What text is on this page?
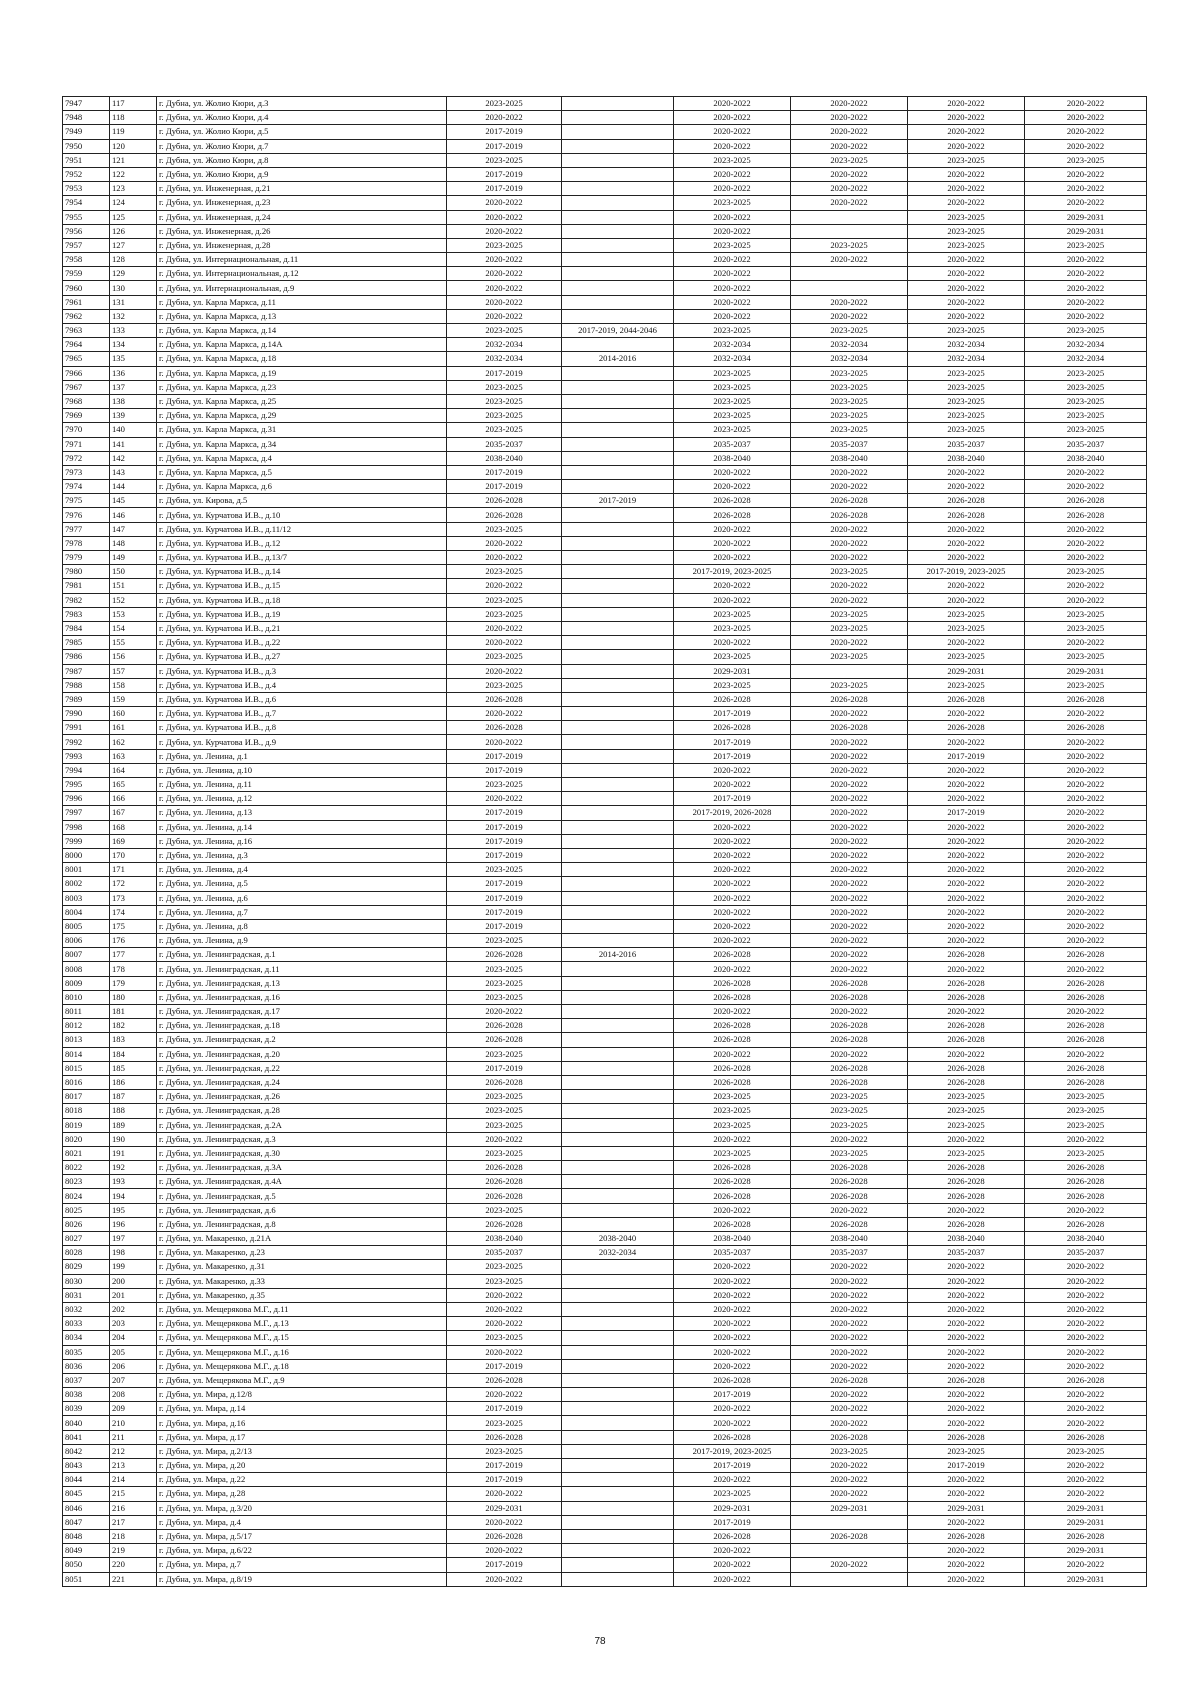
7947	117	г. Дубна, ул. Жолио Кюри, д.3	2023-2025		2020-2022	2020-2022	2020-2022	2020-2022
7948	118	г. Дубна, ул. Жолио Кюри, д.4	2020-2022		2020-2022	2020-2022	2020-2022	2020-2022
7949	119	г. Дубна, ул. Жолио Кюри, д.5	2017-2019		2020-2022	2020-2022	2020-2022	2020-2022
7950	120	г. Дубна, ул. Жолио Кюри, д.7	2017-2019		2020-2022	2020-2022	2020-2022	2020-2022
7951	121	г. Дубна, ул. Жолио Кюри, д.8	2023-2025		2023-2025	2023-2025	2023-2025	2023-2025
7952	122	г. Дубна, ул. Жолио Кюри, д.9	2017-2019		2020-2022	2020-2022	2020-2022	2020-2022
7953	123	г. Дубна, ул. Инженерная, д.21	2017-2019		2020-2022	2020-2022	2020-2022	2020-2022
7954	124	г. Дубна, ул. Инженерная, д.23	2020-2022		2023-2025	2020-2022	2020-2022	2020-2022
7955	125	г. Дубна, ул. Инженерная, д.24	2020-2022		2020-2022		2023-2025	2029-2031
7956	126	г. Дубна, ул. Инженерная, д.26	2020-2022		2020-2022		2023-2025	2029-2031
7957	127	г. Дубна, ул. Инженерная, д.28	2023-2025		2023-2025	2023-2025	2023-2025	2023-2025
7958	128	г. Дубна, ул. Интернациональная, д.11	2020-2022		2020-2022	2020-2022	2020-2022	2020-2022
7959	129	г. Дубна, ул. Интернациональная, д.12	2020-2022		2020-2022		2020-2022	2020-2022
7960	130	г. Дубна, ул. Интернациональная, д.9	2020-2022		2020-2022		2020-2022	2020-2022
7961	131	г. Дубна, ул. Карла Маркса, д.11	2020-2022		2020-2022	2020-2022	2020-2022	2020-2022
7962	132	г. Дубна, ул. Карла Маркса, д.13	2020-2022		2020-2022	2020-2022	2020-2022	2020-2022
7963	133	г. Дубна, ул. Карла Маркса, д.14	2023-2025	2017-2019, 2044-2046	2023-2025	2023-2025	2023-2025	2023-2025
7964	134	г. Дубна, ул. Карла Маркса, д.14А	2032-2034		2032-2034	2032-2034	2032-2034	2032-2034
7965	135	г. Дубна, ул. Карла Маркса, д.18	2032-2034	2014-2016	2032-2034	2032-2034	2032-2034	2032-2034
7966	136	г. Дубна, ул. Карла Маркса, д.19	2017-2019		2023-2025	2023-2025	2023-2025	2023-2025
7967	137	г. Дубна, ул. Карла Маркса, д.23	2023-2025		2023-2025	2023-2025	2023-2025	2023-2025
7968	138	г. Дубна, ул. Карла Маркса, д.25	2023-2025		2023-2025	2023-2025	2023-2025	2023-2025
7969	139	г. Дубна, ул. Карла Маркса, д.29	2023-2025		2023-2025	2023-2025	2023-2025	2023-2025
7970	140	г. Дубна, ул. Карла Маркса, д.31	2023-2025		2023-2025	2023-2025	2023-2025	2023-2025
7971	141	г. Дубна, ул. Карла Маркса, д.34	2035-2037		2035-2037	2035-2037	2035-2037	2035-2037
7972	142	г. Дубна, ул. Карла Маркса, д.4	2038-2040		2038-2040	2038-2040	2038-2040	2038-2040
7973	143	г. Дубна, ул. Карла Маркса, д.5	2017-2019		2020-2022	2020-2022	2020-2022	2020-2022
7974	144	г. Дубна, ул. Карла Маркса, д.6	2017-2019		2020-2022	2020-2022	2020-2022	2020-2022
7975	145	г. Дубна, ул. Кирова, д.5	2026-2028	2017-2019	2026-2028	2026-2028	2026-2028	2026-2028
7976	146	г. Дубна, ул. Курчатова И.В., д.10	2026-2028		2026-2028	2026-2028	2026-2028	2026-2028
7977	147	г. Дубна, ул. Курчатова И.В., д.11/12	2023-2025		2020-2022	2020-2022	2020-2022	2020-2022
7978	148	г. Дубна, ул. Курчатова И.В., д.12	2020-2022		2020-2022	2020-2022	2020-2022	2020-2022
7979	149	г. Дубна, ул. Курчатова И.В., д.13/7	2020-2022		2020-2022	2020-2022	2020-2022	2020-2022
7980	150	г. Дубна, ул. Курчатова И.В., д.14	2023-2025		2017-2019, 2023-2025	2023-2025	2017-2019, 2023-2025	2023-2025
7981	151	г. Дубна, ул. Курчатова И.В., д.15	2020-2022		2020-2022	2020-2022	2020-2022	2020-2022
7982	152	г. Дубна, ул. Курчатова И.В., д.18	2023-2025		2020-2022	2020-2022	2020-2022	2020-2022
7983	153	г. Дубна, ул. Курчатова И.В., д.19	2023-2025		2023-2025	2023-2025	2023-2025	2023-2025
7984	154	г. Дубна, ул. Курчатова И.В., д.21	2020-2022		2023-2025	2023-2025	2023-2025	2023-2025
7985	155	г. Дубна, ул. Курчатова И.В., д.22	2020-2022		2020-2022	2020-2022	2020-2022	2020-2022
7986	156	г. Дубна, ул. Курчатова И.В., д.27	2023-2025		2023-2025	2023-2025	2023-2025	2023-2025
7987	157	г. Дубна, ул. Курчатова И.В., д.3	2020-2022		2029-2031		2029-2031	2029-2031
7988	158	г. Дубна, ул. Курчатова И.В., д.4	2023-2025		2023-2025	2023-2025	2023-2025	2023-2025
7989	159	г. Дубна, ул. Курчатова И.В., д.6	2026-2028		2026-2028	2026-2028	2026-2028	2026-2028
7990	160	г. Дубна, ул. Курчатова И.В., д.7	2020-2022		2017-2019	2020-2022	2020-2022	2020-2022
7991	161	г. Дубна, ул. Курчатова И.В., д.8	2026-2028		2026-2028	2026-2028	2026-2028	2026-2028
7992	162	г. Дубна, ул. Курчатова И.В., д.9	2020-2022		2017-2019	2020-2022	2020-2022	2020-2022
7993	163	г. Дубна, ул. Ленина, д.1	2017-2019		2017-2019	2020-2022	2017-2019	2020-2022
7994	164	г. Дубна, ул. Ленина, д.10	2017-2019		2020-2022	2020-2022	2020-2022	2020-2022
7995	165	г. Дубна, ул. Ленина, д.11	2023-2025		2020-2022	2020-2022	2020-2022	2020-2022
7996	166	г. Дубна, ул. Ленина, д.12	2020-2022		2017-2019	2020-2022	2020-2022	2020-2022
7997	167	г. Дубна, ул. Ленина, д.13	2017-2019		2017-2019, 2026-2028	2020-2022	2017-2019	2020-2022
7998	168	г. Дубна, ул. Ленина, д.14	2017-2019		2020-2022	2020-2022	2020-2022	2020-2022
7999	169	г. Дубна, ул. Ленина, д.16	2017-2019		2020-2022	2020-2022	2020-2022	2020-2022
8000	170	г. Дубна, ул. Ленина, д.3	2017-2019		2020-2022	2020-2022	2020-2022	2020-2022
8001	171	г. Дубна, ул. Ленина, д.4	2023-2025		2020-2022	2020-2022	2020-2022	2020-2022
8002	172	г. Дубна, ул. Ленина, д.5	2017-2019		2020-2022	2020-2022	2020-2022	2020-2022
8003	173	г. Дубна, ул. Ленина, д.6	2017-2019		2020-2022	2020-2022	2020-2022	2020-2022
8004	174	г. Дубна, ул. Ленина, д.7	2017-2019		2020-2022	2020-2022	2020-2022	2020-2022
8005	175	г. Дубна, ул. Ленина, д.8	2017-2019		2020-2022	2020-2022	2020-2022	2020-2022
8006	176	г. Дубна, ул. Ленина, д.9	2023-2025		2020-2022	2020-2022	2020-2022	2020-2022
8007	177	г. Дубна, ул. Ленинградская, д.1	2026-2028	2014-2016	2026-2028	2020-2022	2026-2028	2026-2028
8008	178	г. Дубна, ул. Ленинградская, д.11	2023-2025		2020-2022	2020-2022	2020-2022	2020-2022
8009	179	г. Дубна, ул. Ленинградская, д.13	2023-2025		2026-2028	2026-2028	2026-2028	2026-2028
8010	180	г. Дубна, ул. Ленинградская, д.16	2023-2025		2026-2028	2026-2028	2026-2028	2026-2028
8011	181	г. Дубна, ул. Ленинградская, д.17	2020-2022		2020-2022	2020-2022	2020-2022	2020-2022
8012	182	г. Дубна, ул. Ленинградская, д.18	2026-2028		2026-2028	2026-2028	2026-2028	2026-2028
8013	183	г. Дубна, ул. Ленинградская, д.2	2026-2028		2026-2028	2026-2028	2026-2028	2026-2028
8014	184	г. Дубна, ул. Ленинградская, д.20	2023-2025		2020-2022	2020-2022	2020-2022	2020-2022
8015	185	г. Дубна, ул. Ленинградская, д.22	2017-2019		2026-2028	2026-2028	2026-2028	2026-2028
8016	186	г. Дубна, ул. Ленинградская, д.24	2026-2028		2026-2028	2026-2028	2026-2028	2026-2028
8017	187	г. Дубна, ул. Ленинградская, д.26	2023-2025		2023-2025	2023-2025	2023-2025	2023-2025
8018	188	г. Дубна, ул. Ленинградская, д.28	2023-2025		2023-2025	2023-2025	2023-2025	2023-2025
8019	189	г. Дубна, ул. Ленинградская, д.2А	2023-2025		2023-2025	2023-2025	2023-2025	2023-2025
8020	190	г. Дубна, ул. Ленинградская, д.3	2020-2022		2020-2022	2020-2022	2020-2022	2020-2022
8021	191	г. Дубна, ул. Ленинградская, д.30	2023-2025		2023-2025	2023-2025	2023-2025	2023-2025
8022	192	г. Дубна, ул. Ленинградская, д.3А	2026-2028		2026-2028	2026-2028	2026-2028	2026-2028
8023	193	г. Дубна, ул. Ленинградская, д.4А	2026-2028		2026-2028	2026-2028	2026-2028	2026-2028
8024	194	г. Дубна, ул. Ленинградская, д.5	2026-2028		2026-2028	2026-2028	2026-2028	2026-2028
8025	195	г. Дубна, ул. Ленинградская, д.6	2023-2025		2020-2022	2020-2022	2020-2022	2020-2022
8026	196	г. Дубна, ул. Ленинградская, д.8	2026-2028		2026-2028	2026-2028	2026-2028	2026-2028
8027	197	г. Дубна, ул. Макаренко, д.21А	2038-2040	2038-2040	2038-2040	2038-2040	2038-2040	2038-2040
8028	198	г. Дубна, ул. Макаренко, д.23	2035-2037	2032-2034	2035-2037	2035-2037	2035-2037	2035-2037
8029	199	г. Дубна, ул. Макаренко, д.31	2023-2025		2020-2022	2020-2022	2020-2022	2020-2022
8030	200	г. Дубна, ул. Макаренко, д.33	2023-2025		2020-2022	2020-2022	2020-2022	2020-2022
8031	201	г. Дубна, ул. Макаренко, д.35	2020-2022		2020-2022	2020-2022	2020-2022	2020-2022
8032	202	г. Дубна, ул. Мещерякова М.Г., д.11	2020-2022		2020-2022	2020-2022	2020-2022	2020-2022
8033	203	г. Дубна, ул. Мещерякова М.Г., д.13	2020-2022		2020-2022	2020-2022	2020-2022	2020-2022
8034	204	г. Дубна, ул. Мещерякова М.Г., д.15	2023-2025		2020-2022	2020-2022	2020-2022	2020-2022
8035	205	г. Дубна, ул. Мещерякова М.Г., д.16	2020-2022		2020-2022	2020-2022	2020-2022	2020-2022
8036	206	г. Дубна, ул. Мещерякова М.Г., д.18	2017-2019		2020-2022	2020-2022	2020-2022	2020-2022
8037	207	г. Дубна, ул. Мещерякова М.Г., д.9	2026-2028		2026-2028	2026-2028	2026-2028	2026-2028
8038	208	г. Дубна, ул. Мира, д.12/8	2020-2022		2017-2019	2020-2022	2020-2022	2020-2022
8039	209	г. Дубна, ул. Мира, д.14	2017-2019		2020-2022	2020-2022	2020-2022	2020-2022
8040	210	г. Дубна, ул. Мира, д.16	2023-2025		2020-2022	2020-2022	2020-2022	2020-2022
8041	211	г. Дубна, ул. Мира, д.17	2026-2028		2026-2028	2026-2028	2026-2028	2026-2028
8042	212	г. Дубна, ул. Мира, д.2/13	2023-2025		2017-2019, 2023-2025	2023-2025	2023-2025	2023-2025
8043	213	г. Дубна, ул. Мира, д.20	2017-2019		2017-2019	2020-2022	2017-2019	2020-2022
8044	214	г. Дубна, ул. Мира, д.22	2017-2019		2020-2022	2020-2022	2020-2022	2020-2022
8045	215	г. Дубна, ул. Мира, д.28	2020-2022		2023-2025	2020-2022	2020-2022	2020-2022
8046	216	г. Дубна, ул. Мира, д.3/20	2029-2031		2029-2031	2029-2031	2029-2031	2029-2031
8047	217	г. Дубна, ул. Мира, д.4	2020-2022		2017-2019		2020-2022	2029-2031
8048	218	г. Дубна, ул. Мира, д.5/17	2026-2028		2026-2028	2026-2028	2026-2028	2026-2028
8049	219	г. Дубна, ул. Мира, д.6/22	2020-2022		2020-2022		2020-2022	2029-2031
8050	220	г. Дубна, ул. Мира, д.7	2017-2019		2020-2022	2020-2022	2020-2022	2020-2022
8051	221	г. Дубна, ул. Мира, д.8/19	2020-2022		2020-2022		2020-2022	2029-2031
78
